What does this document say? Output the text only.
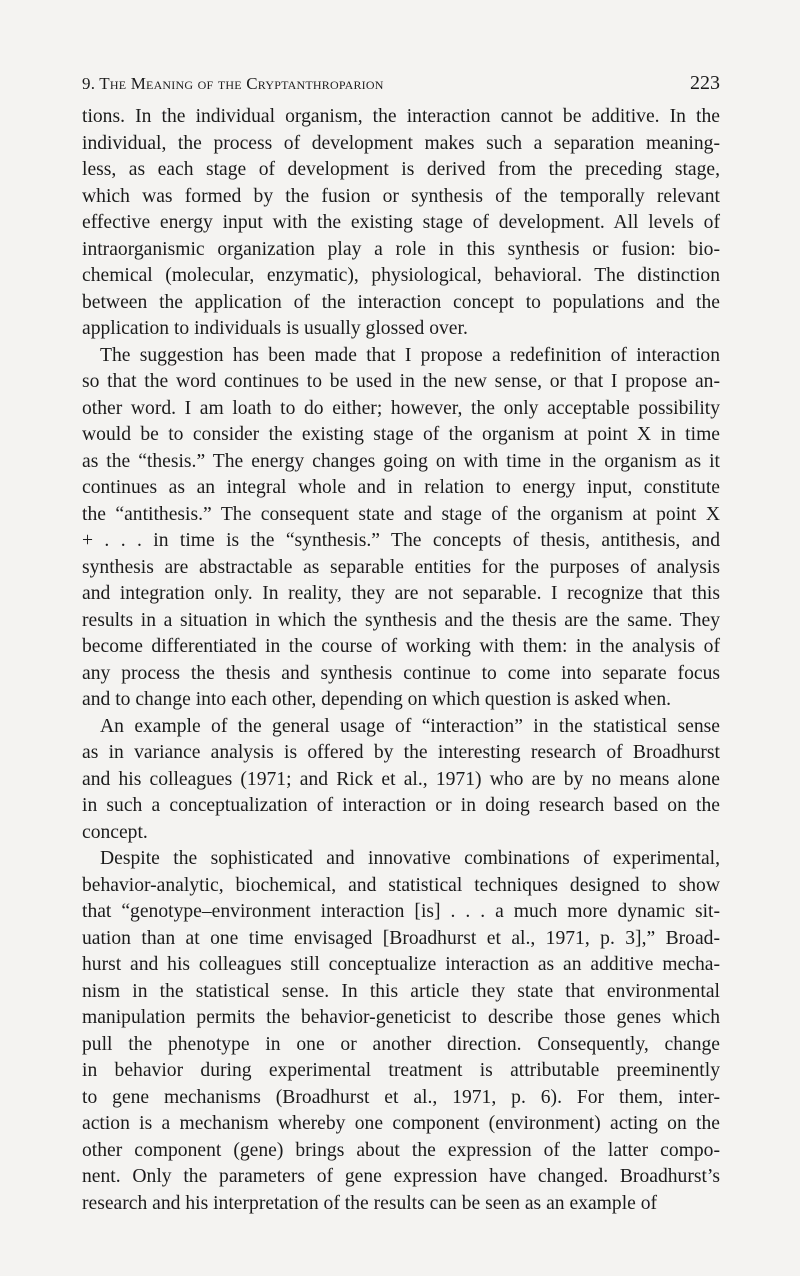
9. The Meaning of the Cryptanthroparion	223

tions. In the individual organism, the interaction cannot be additive. In the
individual, the process of development makes such a separation meaning-
less, as each stage of development is derived from the preceding stage,
which was formed by the fusion or synthesis of the temporally relevant
effective energy input with the existing stage of development. All levels of
intraorganismic organization play a role in this synthesis or fusion: bio-
chemical (molecular, enzymatic), physiological, behavioral. The distinction
between the application of the interaction concept to populations and the
application to individuals is usually glossed over.

The suggestion has been made that I propose a redefinition of interaction
so that the word continues to be used in the new sense, or that I propose an-
other word. I am loath to do either; however, the only acceptable possibility
would be to consider the existing stage of the organism at point X in time
as the “thesis.” The energy changes going on with time in the organism as it
continues as an integral whole and in relation to energy input, constitute
the “antithesis.” The consequent state and stage of the organism at point X
+ . . . in time is the “synthesis.” The concepts of thesis, antithesis, and
synthesis are abstractable as separable entities for the purposes of analysis
and integration only. In reality, they are not separable. I recognize that this
results in a situation in which the synthesis and the thesis are the same. They
become differentiated in the course of working with them: in the analysis of
any process the thesis and synthesis continue to come into separate focus
and to change into each other, depending on which question is asked when.

An example of the general usage of “interaction” in the statistical sense
as in variance analysis is offered by the interesting research of Broadhurst
and his colleagues (1971; and Rick et al., 1971) who are by no means alone
in such a conceptualization of interaction or in doing research based on the
concept.

Despite the sophisticated and innovative combinations of experimental,
behavior-analytic, biochemical, and statistical techniques designed to show
that “genotype–environment interaction [is] . . . a much more dynamic sit-
uation than at one time envisaged [Broadhurst et al., 1971, p. 3],” Broad-
hurst and his colleagues still conceptualize interaction as an additive mecha-
nism in the statistical sense. In this article they state that environmental
manipulation permits the behavior-geneticist to describe those genes which
pull the phenotype in one or another direction. Consequently, change
in behavior during experimental treatment is attributable preeminently
to gene mechanisms (Broadhurst et al., 1971, p. 6). For them, inter-
action is a mechanism whereby one component (environment) acting on the
other component (gene) brings about the expression of the latter compo-
nent. Only the parameters of gene expression have changed. Broadhurst’s
research and his interpretation of the results can be seen as an example of
